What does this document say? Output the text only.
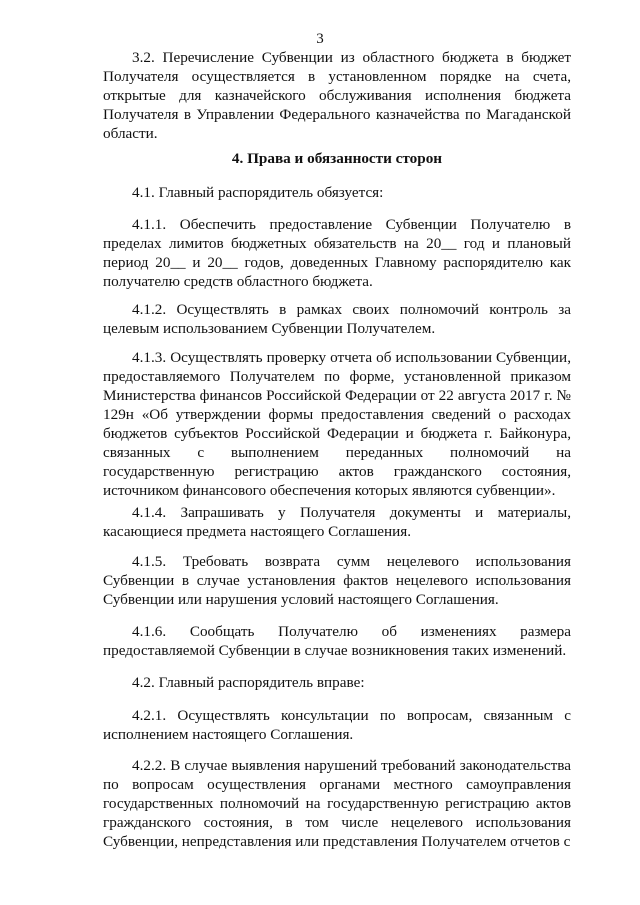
3

3.2. Перечисление Субвенции из областного бюджета в бюджет Получателя осуществляется в установленном порядке на счета, открытые для казначейского обслуживания исполнения бюджета Получателя в Управлении Федерального казначейства по Магаданской области.

4. Права и обязанности сторон

4.1. Главный распорядитель обязуется:

4.1.1. Обеспечить предоставление Субвенции Получателю в пределах лимитов бюджетных обязательств на 20__ год и плановый период 20__ и 20__ годов, доведенных Главному распорядителю как получателю средств областного бюджета.

4.1.2. Осуществлять в рамках своих полномочий контроль за целевым использованием Субвенции Получателем.

4.1.3. Осуществлять проверку отчета об использовании Субвенции, предоставляемого Получателем по форме, установленной приказом Министерства финансов Российской Федерации от 22 августа 2017 г. № 129н «Об утверждении формы предоставления сведений о расходах бюджетов субъектов Российской Федерации и бюджета г. Байконура, связанных с выполнением переданных полномочий на государственную регистрацию актов гражданского состояния, источником финансового обеспечения которых являются субвенции».

4.1.4. Запрашивать у Получателя документы и материалы, касающиеся предмета настоящего Соглашения.

4.1.5. Требовать возврата сумм нецелевого использования Субвенции в случае установления фактов нецелевого использования Субвенции или нарушения условий настоящего Соглашения.

4.1.6. Сообщать Получателю об изменениях размера предоставляемой Субвенции в случае возникновения таких изменений.

4.2. Главный распорядитель вправе:

4.2.1. Осуществлять консультации по вопросам, связанным с исполнением настоящего Соглашения.

4.2.2. В случае выявления нарушений требований законодательства по вопросам осуществления органами местного самоуправления государственных полномочий на государственную регистрацию актов гражданского состояния, в том числе нецелевого использования Субвенции, непредставления или представления Получателем отчетов с
